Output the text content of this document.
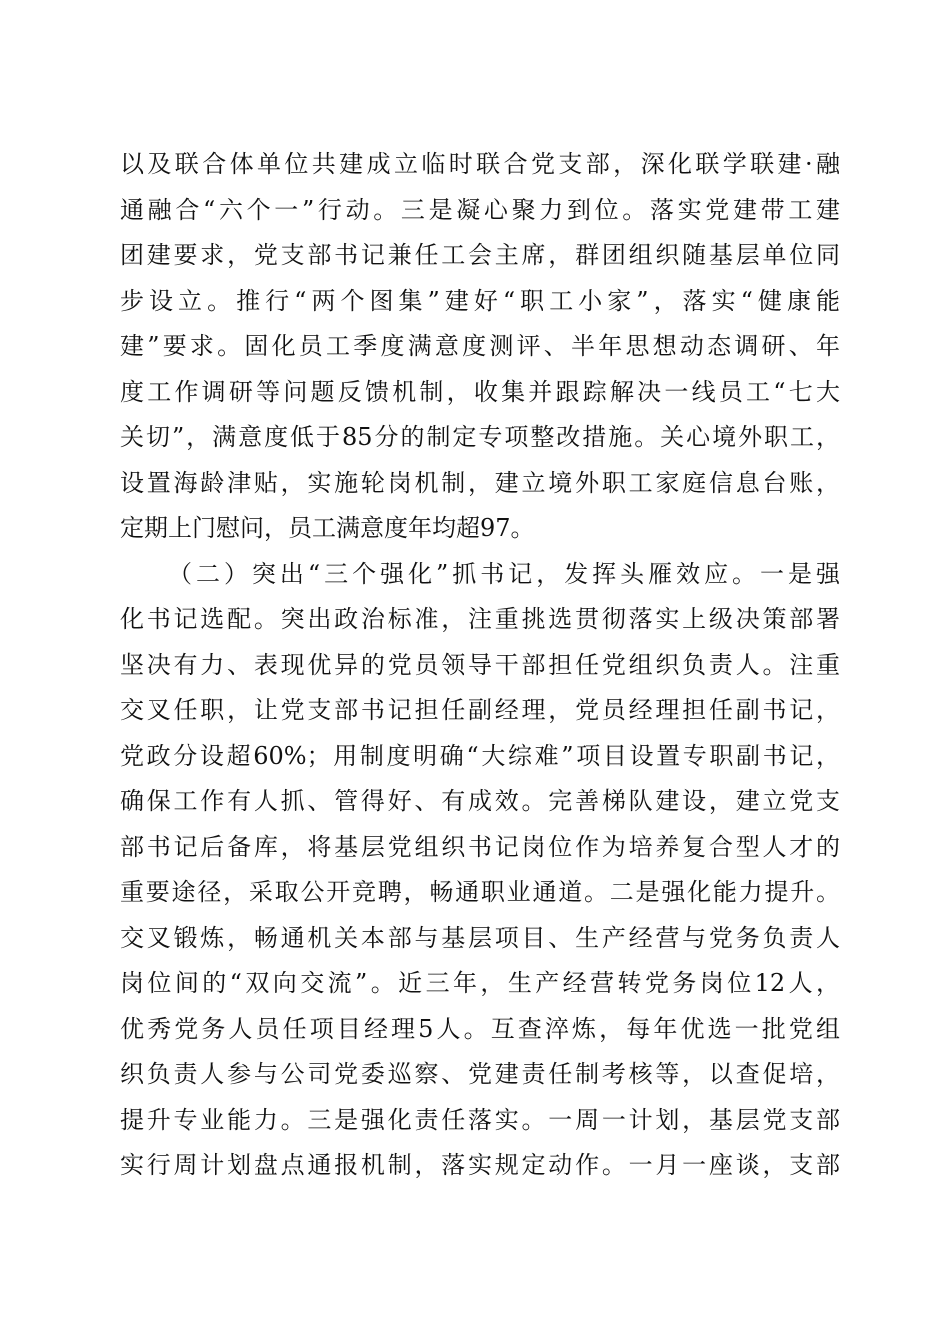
以及联合体单位共建成立临时联合党支部，深化联学联建·融
通融合“六个一”行动。三是凝心聚力到位。落实党建带工建
团建要求，党支部书记兼任工会主席，群团组织随基层单位同
步设立。推行“两个图集”建好“职工小家”，落实“健康能
建”要求。固化员工季度满意度测评、半年思想动态调研、年
度工作调研等问题反馈机制，收集并跟踪解决一线员工“七大
关切”，满意度低于85分的制定专项整改措施。关心境外职工，
设置海龄津贴，实施轮岗机制，建立境外职工家庭信息台账，
定期上门慰问，员工满意度年均超97。
（二）突出“三个强化”抓书记，发挥头雁效应。一是强
化书记选配。突出政治标准，注重挑选贯彻落实上级决策部署
坚决有力、表现优异的党员领导干部担任党组织负责人。注重
交叉任职，让党支部书记担任副经理，党员经理担任副书记，
党政分设超60%；用制度明确“大综难”项目设置专职副书记，
确保工作有人抓、管得好、有成效。完善梯队建设，建立党支
部书记后备库，将基层党组织书记岗位作为培养复合型人才的
重要途径，采取公开竞聘，畅通职业通道。二是强化能力提升。
交叉锻炼，畅通机关本部与基层项目、生产经营与党务负责人
岗位间的“双向交流”。近三年，生产经营转党务岗位12人，
优秀党务人员任项目经理5人。互查淬炼，每年优选一批党组
织负责人参与公司党委巡察、党建责任制考核等，以查促培，
提升专业能力。三是强化责任落实。一周一计划，基层党支部
实行周计划盘点通报机制，落实规定动作。一月一座谈，支部
